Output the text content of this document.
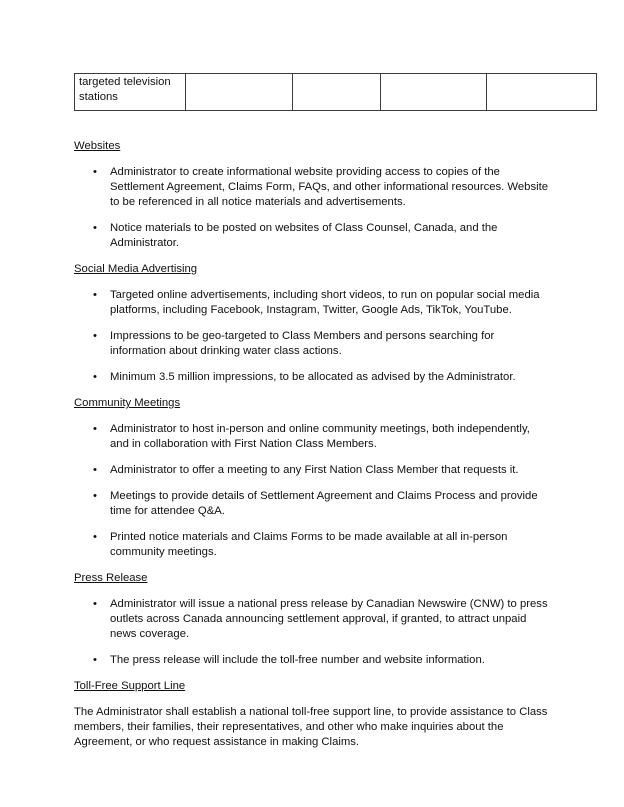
targeted television stations				
Websites
• Administrator to create informational website providing access to copies of the Settlement Agreement, Claims Form, FAQs, and other informational resources. Website to be referenced in all notice materials and advertisements.
• Notice materials to be posted on websites of Class Counsel, Canada, and the Administrator.
Social Media Advertising
• Targeted online advertisements, including short videos, to run on popular social media platforms, including Facebook, Instagram, Twitter, Google Ads, TikTok, YouTube.
• Impressions to be geo-targeted to Class Members and persons searching for information about drinking water class actions.
• Minimum 3.5 million impressions, to be allocated as advised by the Administrator.
Community Meetings
• Administrator to host in-person and online community meetings, both independently, and in collaboration with First Nation Class Members.
• Administrator to offer a meeting to any First Nation Class Member that requests it.
• Meetings to provide details of Settlement Agreement and Claims Process and provide time for attendee Q&A.
• Printed notice materials and Claims Forms to be made available at all in-person community meetings.
Press Release
• Administrator will issue a national press release by Canadian Newswire (CNW) to press outlets across Canada announcing settlement approval, if granted, to attract unpaid news coverage.
• The press release will include the toll-free number and website information.
Toll-Free Support Line

The Administrator shall establish a national toll-free support line, to provide assistance to Class members, their families, their representatives, and other who make inquiries about the Agreement, or who request assistance in making Claims.
